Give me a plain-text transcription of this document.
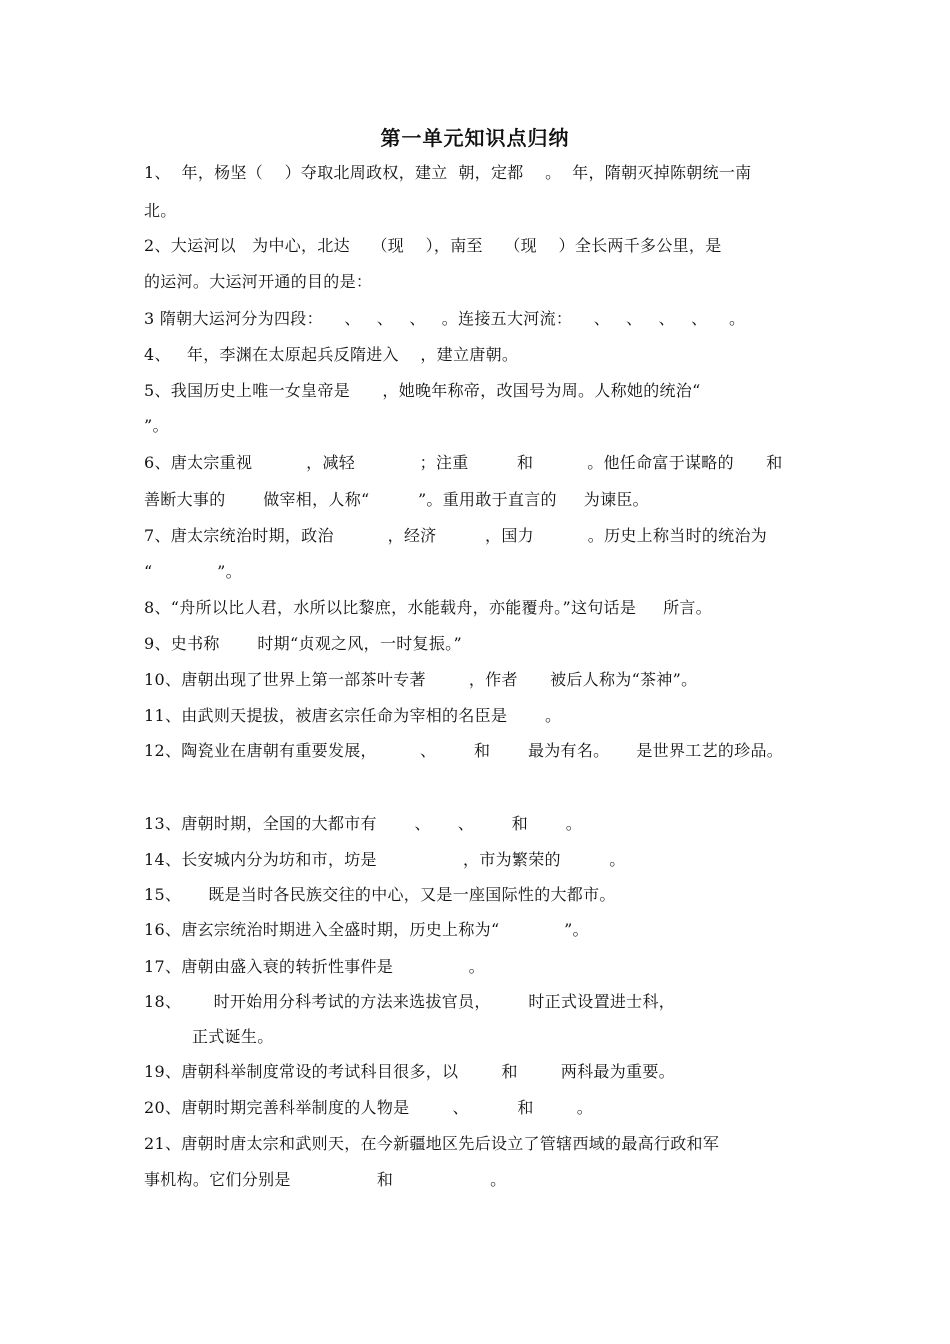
第一单元知识点归纳
1、  年，杨坚（    ）夺取北周政权，建立  朝，定都    。  年，隋朝灭掉陈朝统一南
北。
2、大运河以   为中心，北达    （现    ），南至    （现    ）全长两千多公里，是
的运河。大运河开通的目的是：
3 隋朝大运河分为四段：    、   、   、   。连接五大河流：    、   、   、   、    。
4、   年，李渊在太原起兵反隋进入    ，建立唐朝。
5、我国历史上唯一女皇帝是      ，她晚年称帝，改国号为周。人称她的统治“
”。
6、唐太宗重视          ，减轻            ；注重         和          。他任命富于谋略的      和
善断大事的       做宰相，人称“         ”。重用敢于直言的     为谏臣。
7、唐太宗统治时期，政治          ，经济         ，国力          。历史上称当时的统治为
“            ”。
8、“舟所以比人君，水所以比黎庶，水能载舟，亦能覆舟。”这句话是     所言。
9、史书称       时期“贞观之风，一时复振。”
10、唐朝出现了世界上第一部茶叶专著        ，作者      被后人称为“茶神”。
11、由武则天提拔，被唐玄宗任命为宰相的名臣是       。
12、陶瓷业在唐朝有重要发展，        、       和       最为有名。     是世界工艺的珍品。
13、唐朝时期，全国的大都市有       、     、       和       。
14、长安城内分为坊和市，坊是                ，市为繁荣的         。
15、     既是当时各民族交往的中心，又是一座国际性的大都市。
16、唐玄宗统治时期进入全盛时期，历史上称为“            ”。
17、唐朝由盛入衰的转折性事件是              。
18、      时开始用分科考试的方法来选拔官员，       时正式设置进士科，
正式诞生。
19、唐朝科举制度常设的考试科目很多，以        和        两科最为重要。
20、唐朝时期完善科举制度的人物是        、         和        。
21、唐朝时唐太宗和武则天，在今新疆地区先后设立了管辖西域的最高行政和军
事机构。它们分别是                和                  。
